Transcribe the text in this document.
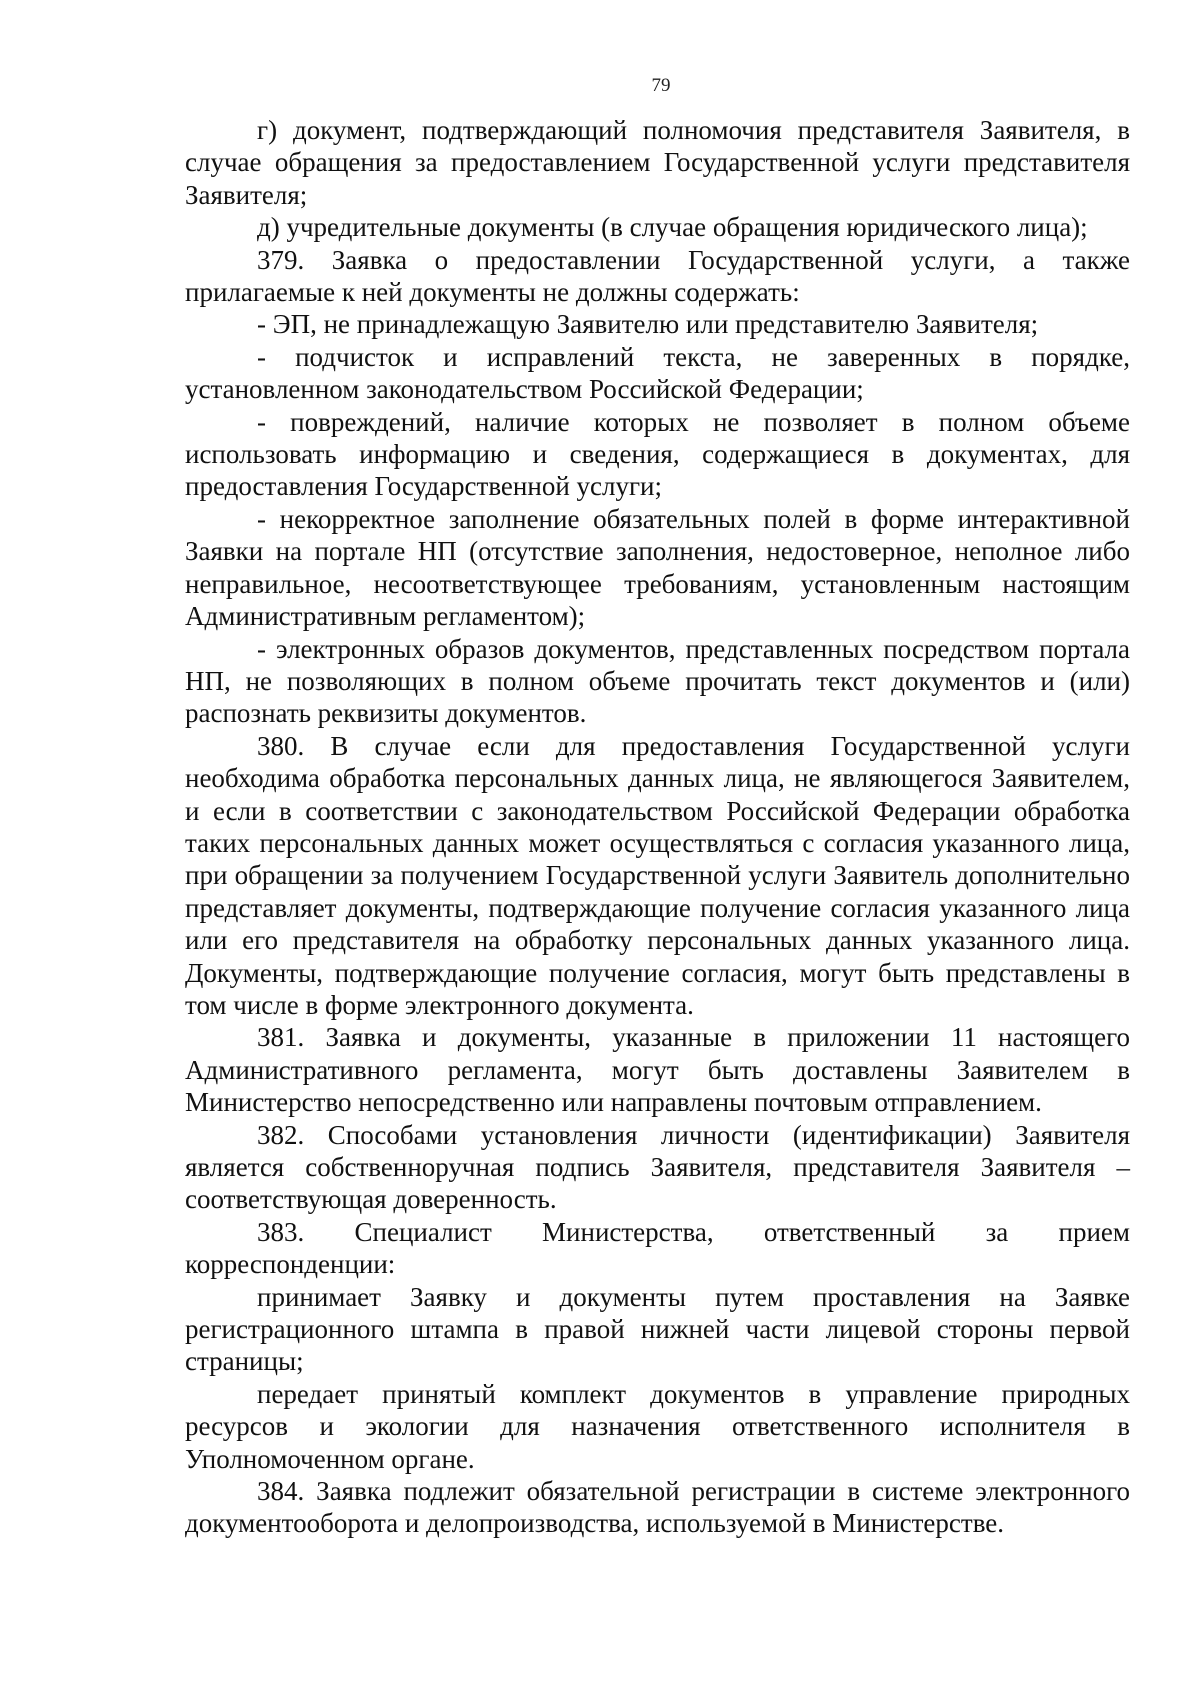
79

г) документ, подтверждающий полномочия представителя Заявителя, в случае обращения за предоставлением Государственной услуги представителя Заявителя;

д) учредительные документы (в случае обращения юридического лица);

379. Заявка о предоставлении Государственной услуги, а также прилагаемые к ней документы не должны содержать:

- ЭП, не принадлежащую Заявителю или представителю Заявителя;

- подчисток и исправлений текста, не заверенных в порядке, установленном законодательством Российской Федерации;

- повреждений, наличие которых не позволяет в полном объеме использовать информацию и сведения, содержащиеся в документах, для предоставления Государственной услуги;

- некорректное заполнение обязательных полей в форме интерактивной Заявки на портале НП (отсутствие заполнения, недостоверное, неполное либо неправильное, несоответствующее требованиям, установленным настоящим Административным регламентом);

- электронных образов документов, представленных посредством портала НП, не позволяющих в полном объеме прочитать текст документов и (или) распознать реквизиты документов.

380. В случае если для предоставления Государственной услуги необходима обработка персональных данных лица, не являющегося Заявителем, и если в соответствии с законодательством Российской Федерации обработка таких персональных данных может осуществляться с согласия указанного лица, при обращении за получением Государственной услуги Заявитель дополнительно представляет документы, подтверждающие получение согласия указанного лица или его представителя на обработку персональных данных указанного лица. Документы, подтверждающие получение согласия, могут быть представлены в том числе в форме электронного документа.

381. Заявка и документы, указанные в приложении 11 настоящего Административного регламента, могут быть доставлены Заявителем в Министерство непосредственно или направлены почтовым отправлением.

382. Способами установления личности (идентификации) Заявителя является собственноручная подпись Заявителя, представителя Заявителя – соответствующая доверенность.

383. Специалист Министерства, ответственный за прием

корреспонденции:

принимает Заявку и документы путем проставления на Заявке регистрационного штампа в правой нижней части лицевой стороны первой страницы;

передает принятый комплект документов в управление природных ресурсов и экологии для назначения ответственного исполнителя в Уполномоченном органе.

384. Заявка подлежит обязательной регистрации в системе электронного документооборота и делопроизводства, используемой в Министерстве.
